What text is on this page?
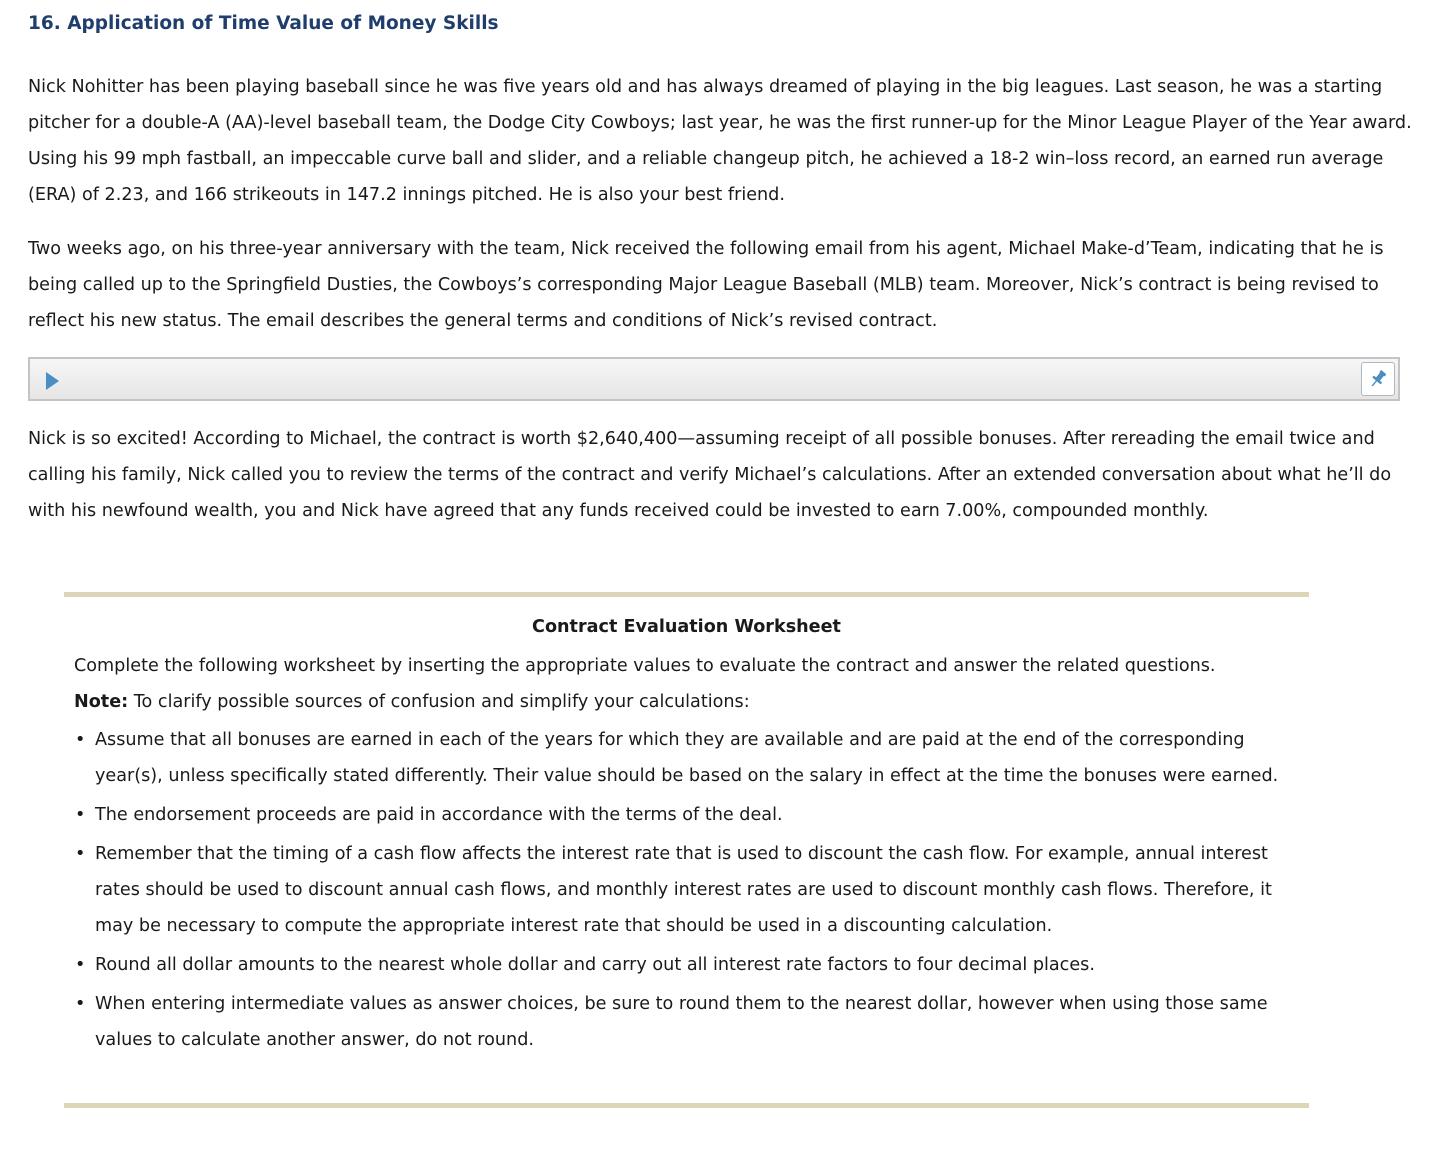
16. Application of Time Value of Money Skills

Nick Nohitter has been playing baseball since he was five years old and has always dreamed of playing in the big leagues. Last season, he was a starting pitcher for a double-A (AA)-level baseball team, the Dodge City Cowboys; last year, he was the first runner-up for the Minor League Player of the Year award. Using his 99 mph fastball, an impeccable curve ball and slider, and a reliable changeup pitch, he achieved a 18-2 win–loss record, an earned run average (ERA) of 2.23, and 166 strikeouts in 147.2 innings pitched. He is also your best friend.

Two weeks ago, on his three-year anniversary with the team, Nick received the following email from his agent, Michael Make-d’Team, indicating that he is being called up to the Springfield Dusties, the Cowboys’s corresponding Major League Baseball (MLB) team. Moreover, Nick’s contract is being revised to reflect his new status. The email describes the general terms and conditions of Nick’s revised contract.

Nick is so excited! According to Michael, the contract is worth $2,640,400—assuming receipt of all possible bonuses. After rereading the email twice and calling his family, Nick called you to review the terms of the contract and verify Michael’s calculations. After an extended conversation about what he’ll do with his newfound wealth, you and Nick have agreed that any funds received could be invested to earn 7.00%, compounded monthly.

Contract Evaluation Worksheet

Complete the following worksheet by inserting the appropriate values to evaluate the contract and answer the related questions.

Note: To clarify possible sources of confusion and simplify your calculations:
• Assume that all bonuses are earned in each of the years for which they are available and are paid at the end of the corresponding year(s), unless specifically stated differently. Their value should be based on the salary in effect at the time the bonuses were earned.
• The endorsement proceeds are paid in accordance with the terms of the deal.
• Remember that the timing of a cash flow affects the interest rate that is used to discount the cash flow. For example, annual interest rates should be used to discount annual cash flows, and monthly interest rates are used to discount monthly cash flows. Therefore, it may be necessary to compute the appropriate interest rate that should be used in a discounting calculation.
• Round all dollar amounts to the nearest whole dollar and carry out all interest rate factors to four decimal places.
• When entering intermediate values as answer choices, be sure to round them to the nearest dollar, however when using those same values to calculate another answer, do not round.
